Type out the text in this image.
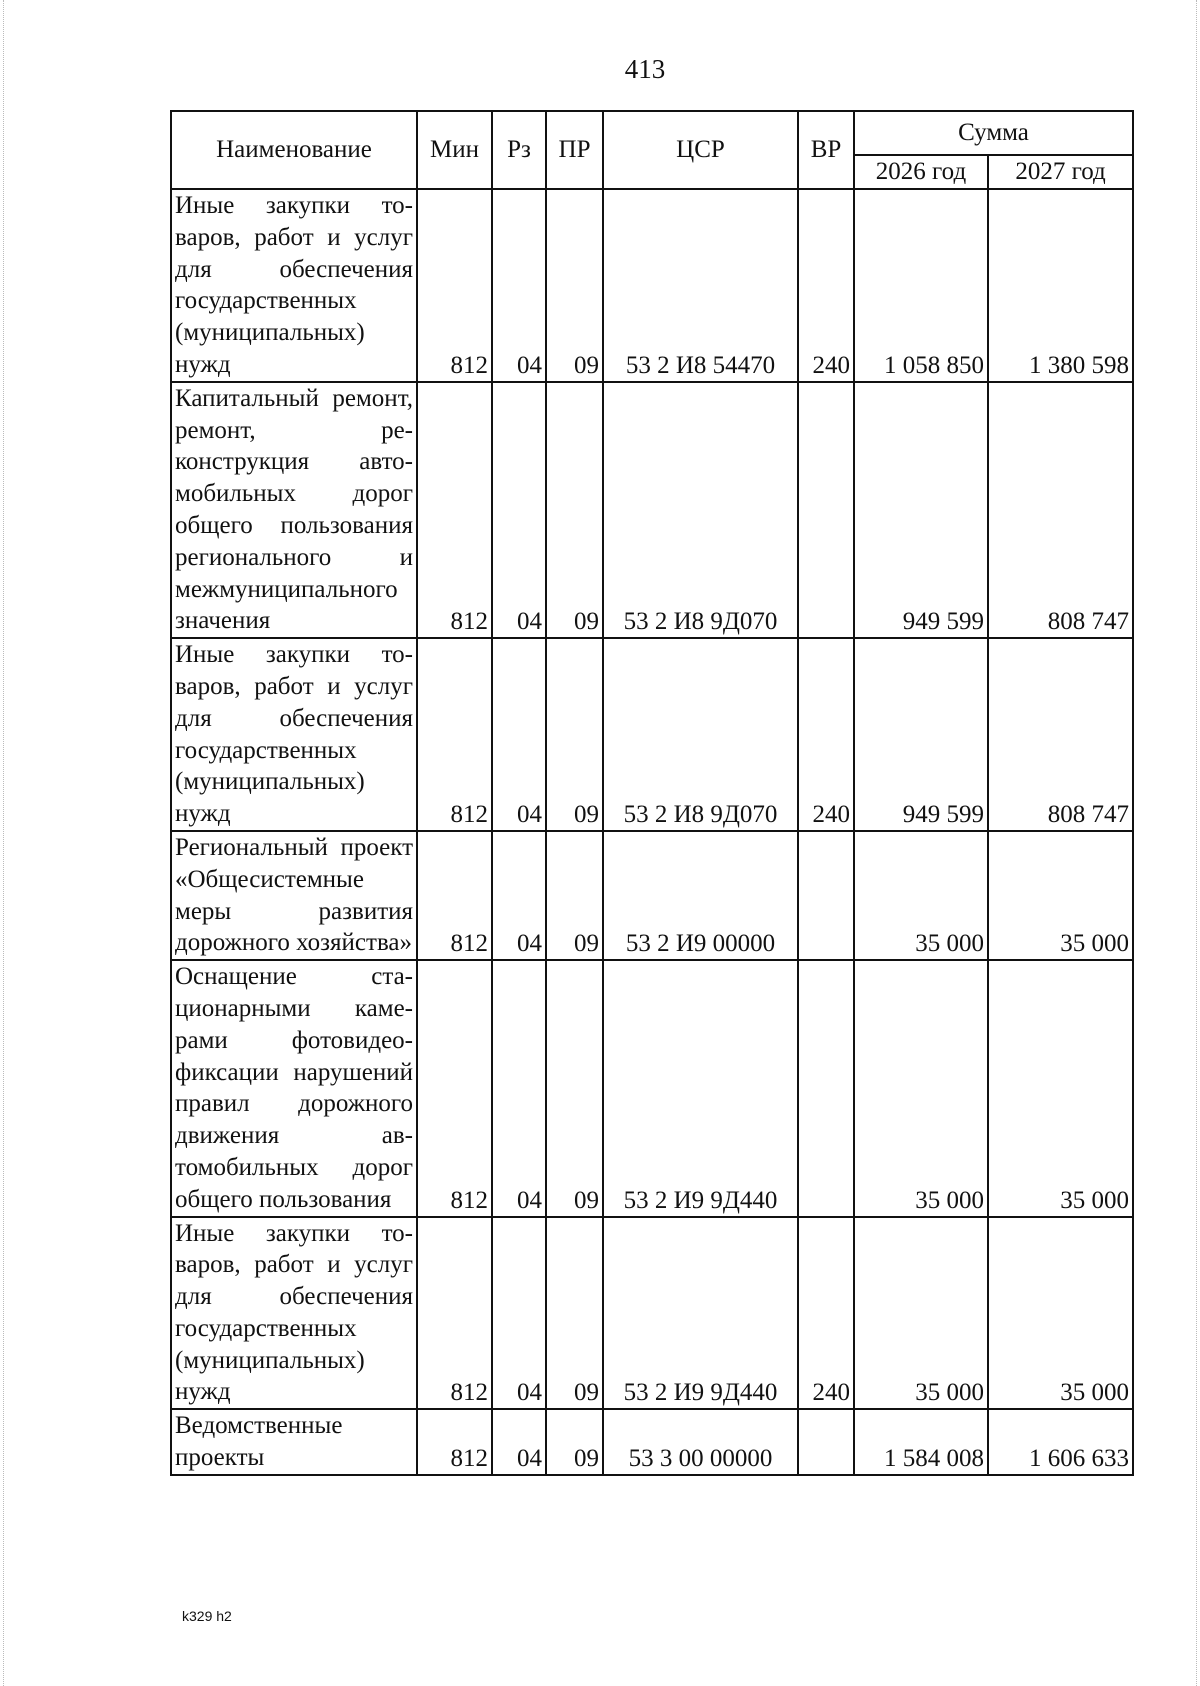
413
Наименование	Мин	Рз	ПР	ЦСР	ВР	Сумма	
						2026 год	2027 год
Иные закупки товаров, работ и услуг для обеспечения государственных (муниципальных) нужд	812	04	09	53 2 И8 54470	240	1 058 850	1 380 598
Капитальный ремонт, ремонт, реконструкция автомобильных дорог общего пользования регионального и межмуниципального значения	812	04	09	53 2 И8 9Д070		949 599	808 747
Иные закупки товаров, работ и услуг для обеспечения государственных (муниципальных) нужд	812	04	09	53 2 И8 9Д070	240	949 599	808 747
Региональный проект «Общесистемные меры развития дорожного хозяйства»	812	04	09	53 2 И9 00000		35 000	35 000
Оснащение стационарными камерами фотовидеофиксации нарушений правил дорожного движения автомобильных дорог общего пользования	812	04	09	53 2 И9 9Д440		35 000	35 000
Иные закупки товаров, работ и услуг для обеспечения государственных (муниципальных) нужд	812	04	09	53 2 И9 9Д440	240	35 000	35 000
Ведомственные проекты	812	04	09	53 3 00 00000		1 584 008	1 606 633
k329 h2
